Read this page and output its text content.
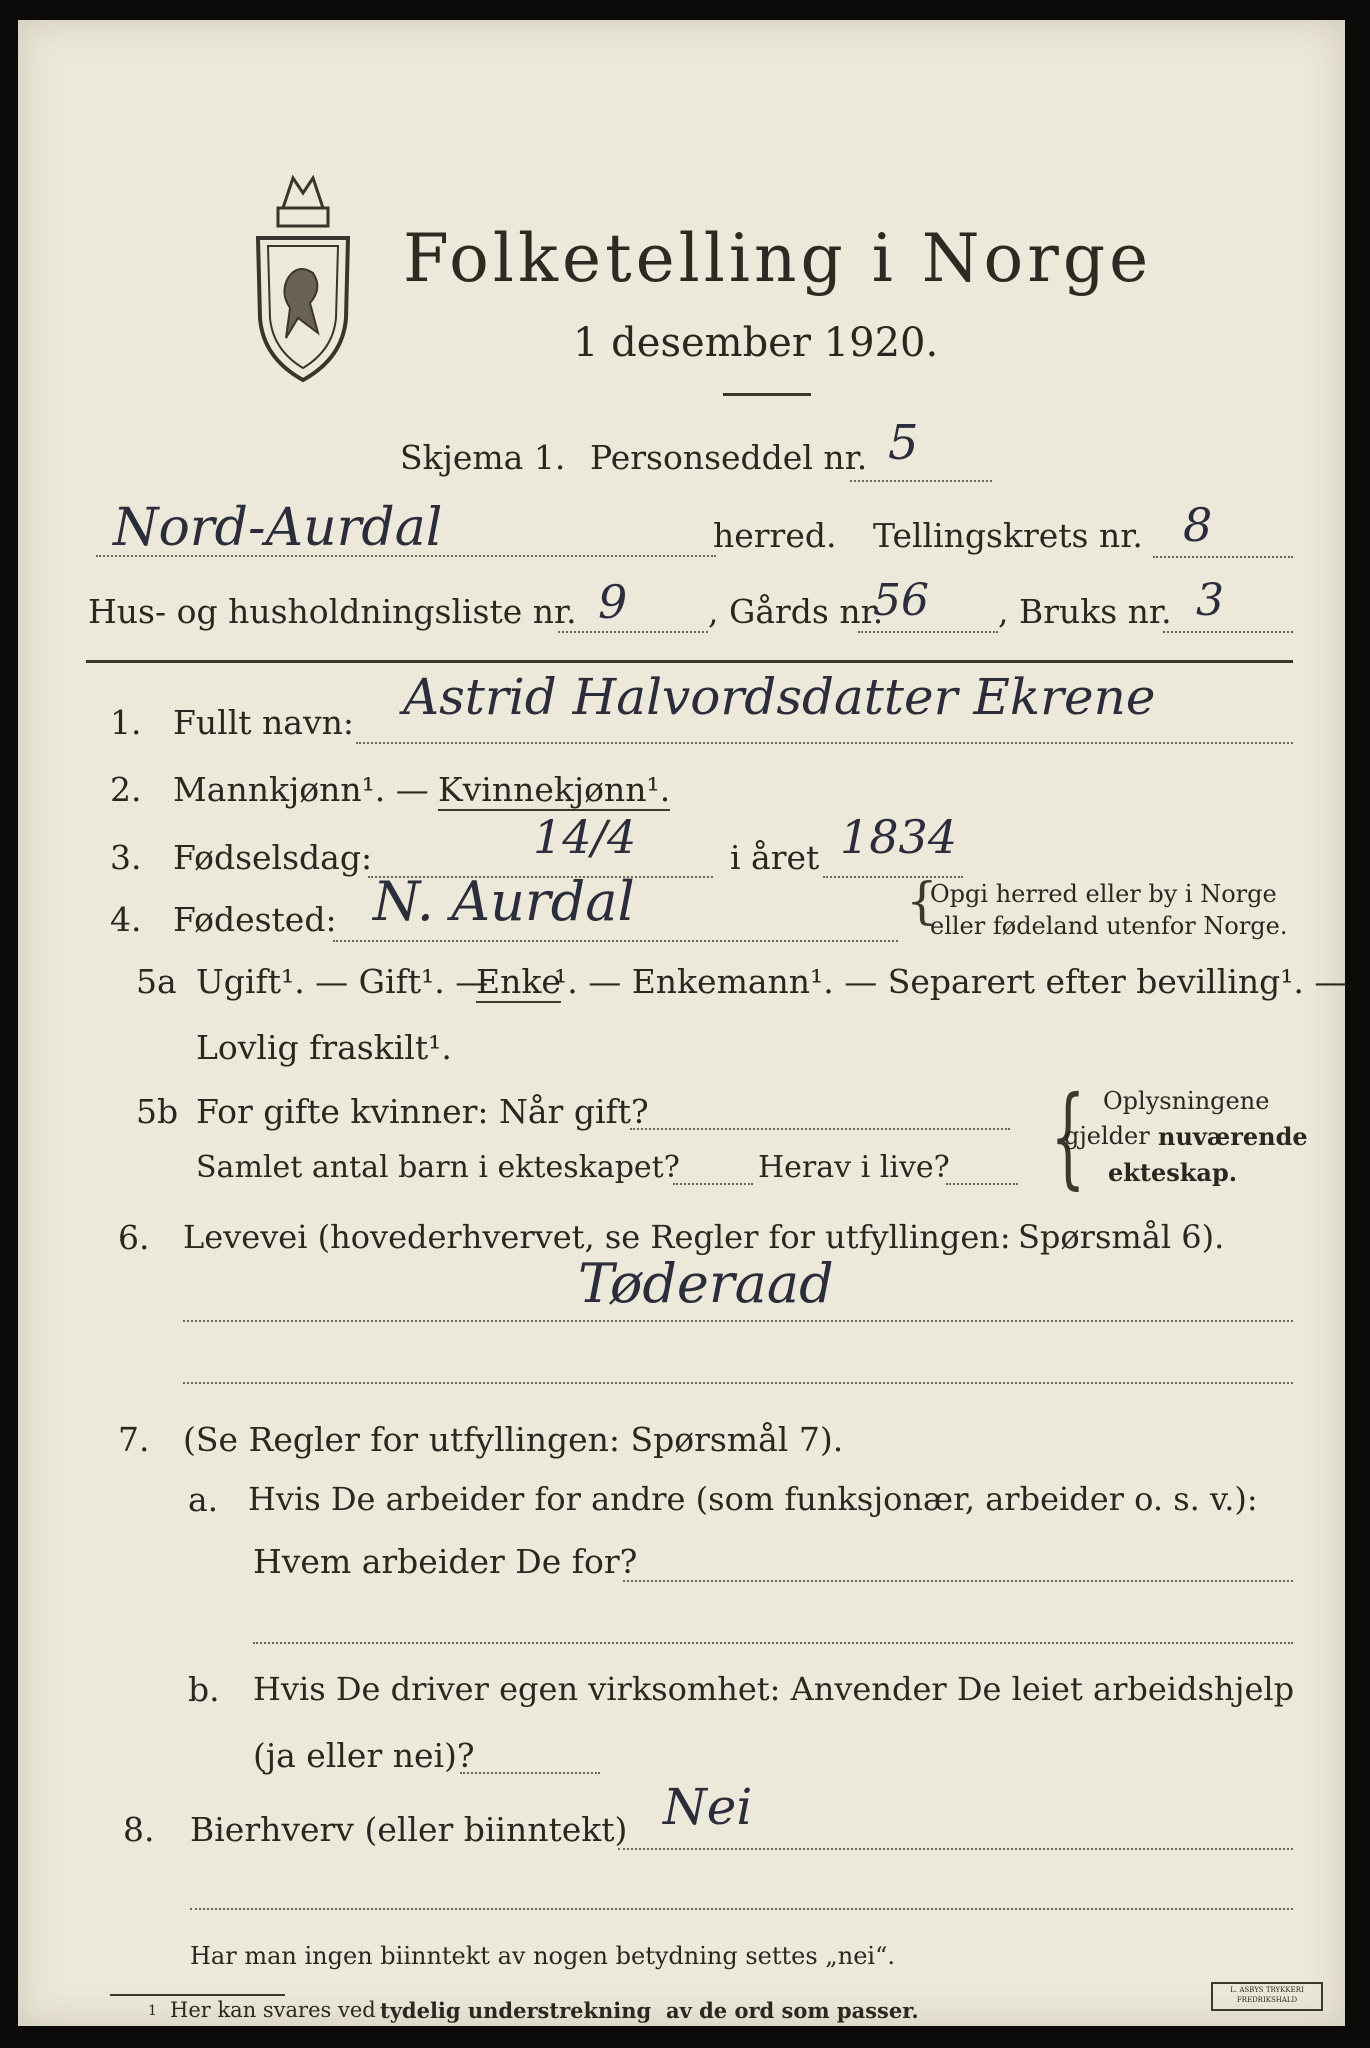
Folketelling i Norge
1 desember 1920.
Skjema 1. Personseddel nr. 5
Nord-Aurdal	herred. Tellingskrets nr. 8
Hus- og husholdningsliste nr. 9 , Gårds nr.
56 , Bruks nr. 3
1. Fullt navn: Astrid Halvordsdatter Ekrene
2. Mannkjønn¹. — Kvinnekjønn¹.
3. Fødselsdag:	14/4	i året 1834
4. Fødested: N. Aurdal	{
Opgi herred eller by i Norge
eller fødeland utenfor Norge.
5a Ugift¹. — Gift¹. —
Enke
¹. — Enkemann¹. — Separert efter bevilling¹. —
Lovlig fraskilt¹.
5b For gifte kvinner: Når gift?
Samlet antal barn i ekteskapet?	Herav i live? { Oplysningene
gjelder nuværende
ekteskap.
6. Levevei (hovederhvervet, se Regler for utfyllingen: Spørsmål 6).
Tøderaad
7. (Se Regler for utfyllingen: Spørsmål 7).
a. Hvis De arbeider for andre (som funksjonær, arbeider o. s. v.):
Hvem arbeider De for?
b. Hvis De driver egen virksomhet: Anvender De leiet arbeidshjelp
(ja eller nei)?
8. Bierhverv (eller biinntekt) Nei
Har man ingen biinntekt av nogen betydning settes „nei“.
1 Her kan svares ved tydelig understrekning av de ord som passer.
L. ASBYS TRYKKERI
FREDRIKSHALD
